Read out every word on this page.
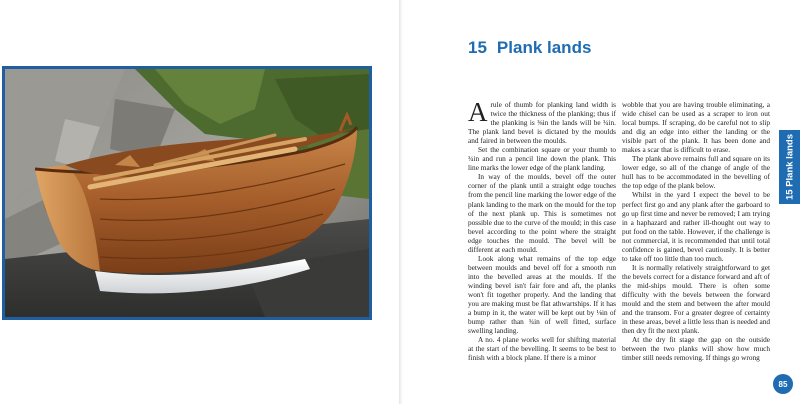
15 Plank lands

Arule of thumb for planking land width is twice the thickness of the planking; thus if the planking is ⅜in the lands will be ¾in. The plank land bevel is dictated by the moulds and faired in between the moulds.

Set the combination square or your thumb to ¾in and run a pencil line down the plank. This line marks the lower edge of the plank landing.

In way of the moulds, bevel off the outer corner of the plank until a straight edge touches from the pencil line marking the lower edge of the plank landing to the mark on the mould for the top of the next plank up. This is sometimes not possible due to the curve of the mould; in this case bevel according to the point where the straight edge touches the mould. The bevel will be different at each mould.

Look along what remains of the top edge between moulds and bevel off for a smooth run into the bevelled areas at the moulds. If the winding bevel isn't fair fore and aft, the planks won't fit together properly. And the landing that you are making must be flat athwartships. If it has a bump in it, the water will be kept out by ⅛in of bump rather than ¾in of well fitted, surface swelling landing.

A no. 4 plane works well for shifting material at the start of the bevelling. It seems to be best to finish with a block plane. If there is a minor

wobble that you are having trouble eliminating, a wide chisel can be used as a scraper to iron out local bumps. If scraping, do be careful not to slip and dig an edge into either the landing or the visible part of the plank. It has been done and makes a scar that is difficult to erase.

The plank above remains full and square on its lower edge, so all of the change of angle of the hull has to be accommodated in the bevelling of the top edge of the plank below.

Whilst in the yard I expect the bevel to be perfect first go and any plank after the garboard to go up first time and never be removed; I am trying in a haphazard and rather ill-thought out way to put food on the table. However, if the challenge is not commercial, it is recommended that until total confidence is gained, bevel cautiously. It is better to take off too little than too much.

It is normally relatively straightforward to get the bevels correct for a distance forward and aft of the mid-ships mould. There is often some difficulty with the bevels between the forward mould and the stem and between the after mould and the transom. For a greater degree of certainty in these areas, bevel a little less than is needed and then dry fit the next plank.

At the dry fit stage the gap on the outside between the two planks will show how much timber still needs removing. If things go wrong

15 Plank lands
85
